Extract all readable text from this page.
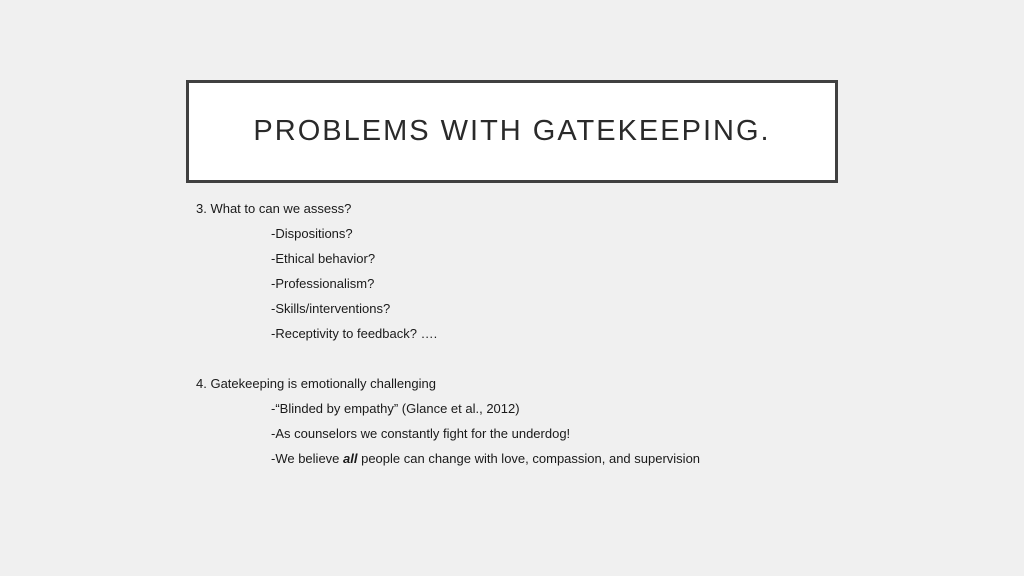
PROBLEMS WITH GATEKEEPING.
3. What to can we assess?
-Dispositions?
-Ethical behavior?
-Professionalism?
-Skills/interventions?
-Receptivity to feedback? ….
4. Gatekeeping is emotionally challenging
-“Blinded by empathy” (Glance et al., 2012)
-As counselors we constantly fight for the underdog!
-We believe all people can change with love, compassion, and supervision
